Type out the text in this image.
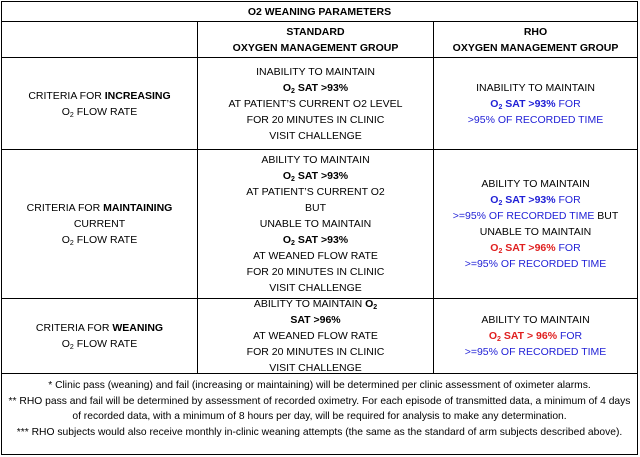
O2 WEANING PARAMETERS
STANDARD
OXYGEN MANAGEMENT GROUP
RHO
OXYGEN MANAGEMENT GROUP
CRITERIA FOR INCREASING
$O_2$ FLOW RATE
INABILITY TO MAINTAIN
$O_2$ SAT >93%
AT PATIENT’S CURRENT O2 LEVEL
FOR 20 MINUTES IN CLINIC
VISIT CHALLENGE
INABILITY TO MAINTAIN
$O_2$ SAT >93% FOR
>95% OF RECORDED TIME
CRITERIA FOR MAINTAINING
CURRENT
$O_2$ FLOW RATE
ABILITY TO MAINTAIN
$O_2$ SAT >93%
AT PATIENT’S CURRENT O2
BUT
UNABLE TO MAINTAIN
$O_2$ SAT >93%
AT WEANED FLOW RATE
FOR 20 MINUTES IN CLINIC
VISIT CHALLENGE
ABILITY TO MAINTAIN
$O_2$ SAT >93% FOR
>=95% OF RECORDED TIME BUT
UNABLE TO MAINTAIN
$O_2$ SAT >96% FOR
>=95% OF RECORDED TIME
CRITERIA FOR WEANING
$O_2$ FLOW RATE
ABILITY TO MAINTAIN $O_2$
SAT >96%
AT WEANED FLOW RATE
FOR 20 MINUTES IN CLINIC
VISIT CHALLENGE
ABILITY TO MAINTAIN
$O_2$ SAT > 96% FOR
>=95% OF RECORDED TIME
* Clinic pass (weaning) and fail (increasing or maintaining) will be determined per clinic assessment of oximeter alarms.
** RHO pass and fail will be determined by assessment of recorded oximetry. For each episode of transmitted data, a minimum of 4 days
of recorded data, with a minimum of 8 hours per day, will be required for analysis to make any determination.
*** RHO subjects would also receive monthly in-clinic weaning attempts (the same as the standard of arm subjects described above).
